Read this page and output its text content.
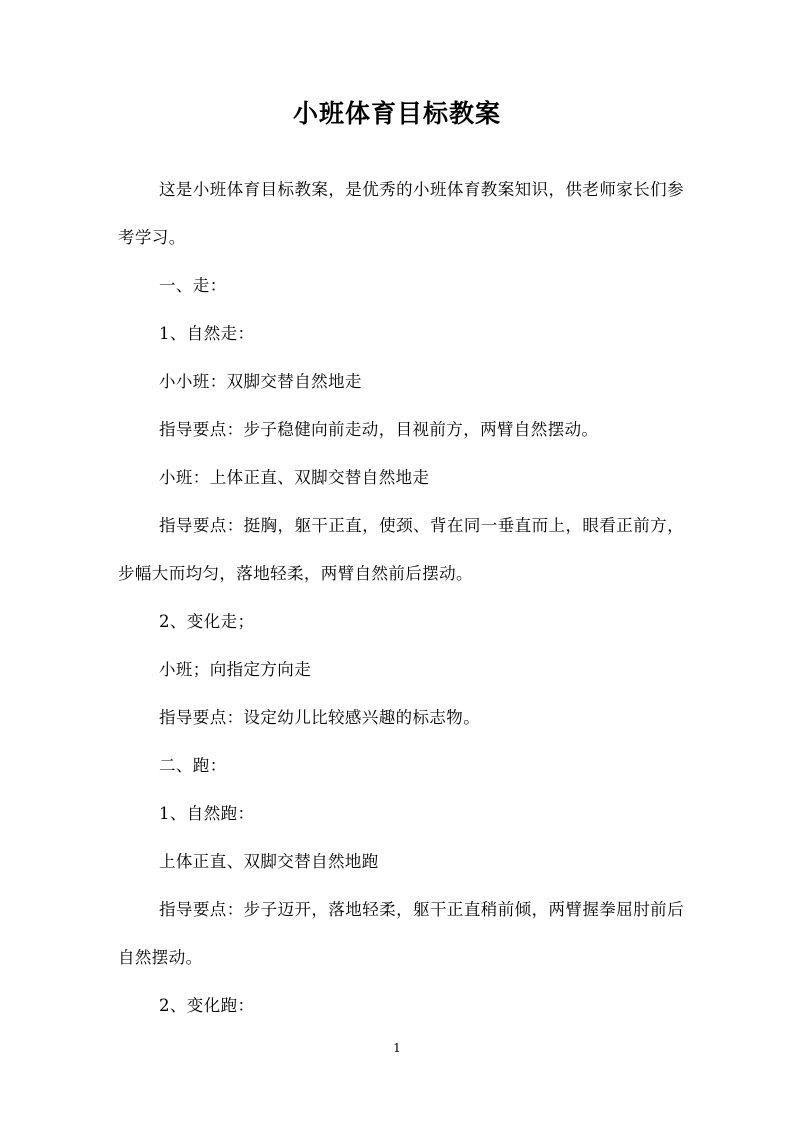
小班体育目标教案

这是小班体育目标教案，是优秀的小班体育教案知识，供老师家长们参考学习。

一、走：

1、自然走：

小小班：双脚交替自然地走

指导要点：步子稳健向前走动，目视前方，两臂自然摆动。

小班：上体正直、双脚交替自然地走

指导要点：挺胸，躯干正直，使颈、背在同一垂直而上，眼看正前方，步幅大而均匀，落地轻柔，两臂自然前后摆动。

2、变化走；

小班；向指定方向走

指导要点：设定幼儿比较感兴趣的标志物。

二、跑：

1、自然跑：

上体正直、双脚交替自然地跑

指导要点：步子迈开，落地轻柔，躯干正直稍前倾，两臂握拳屈肘前后自然摆动。

2、变化跑：

1
